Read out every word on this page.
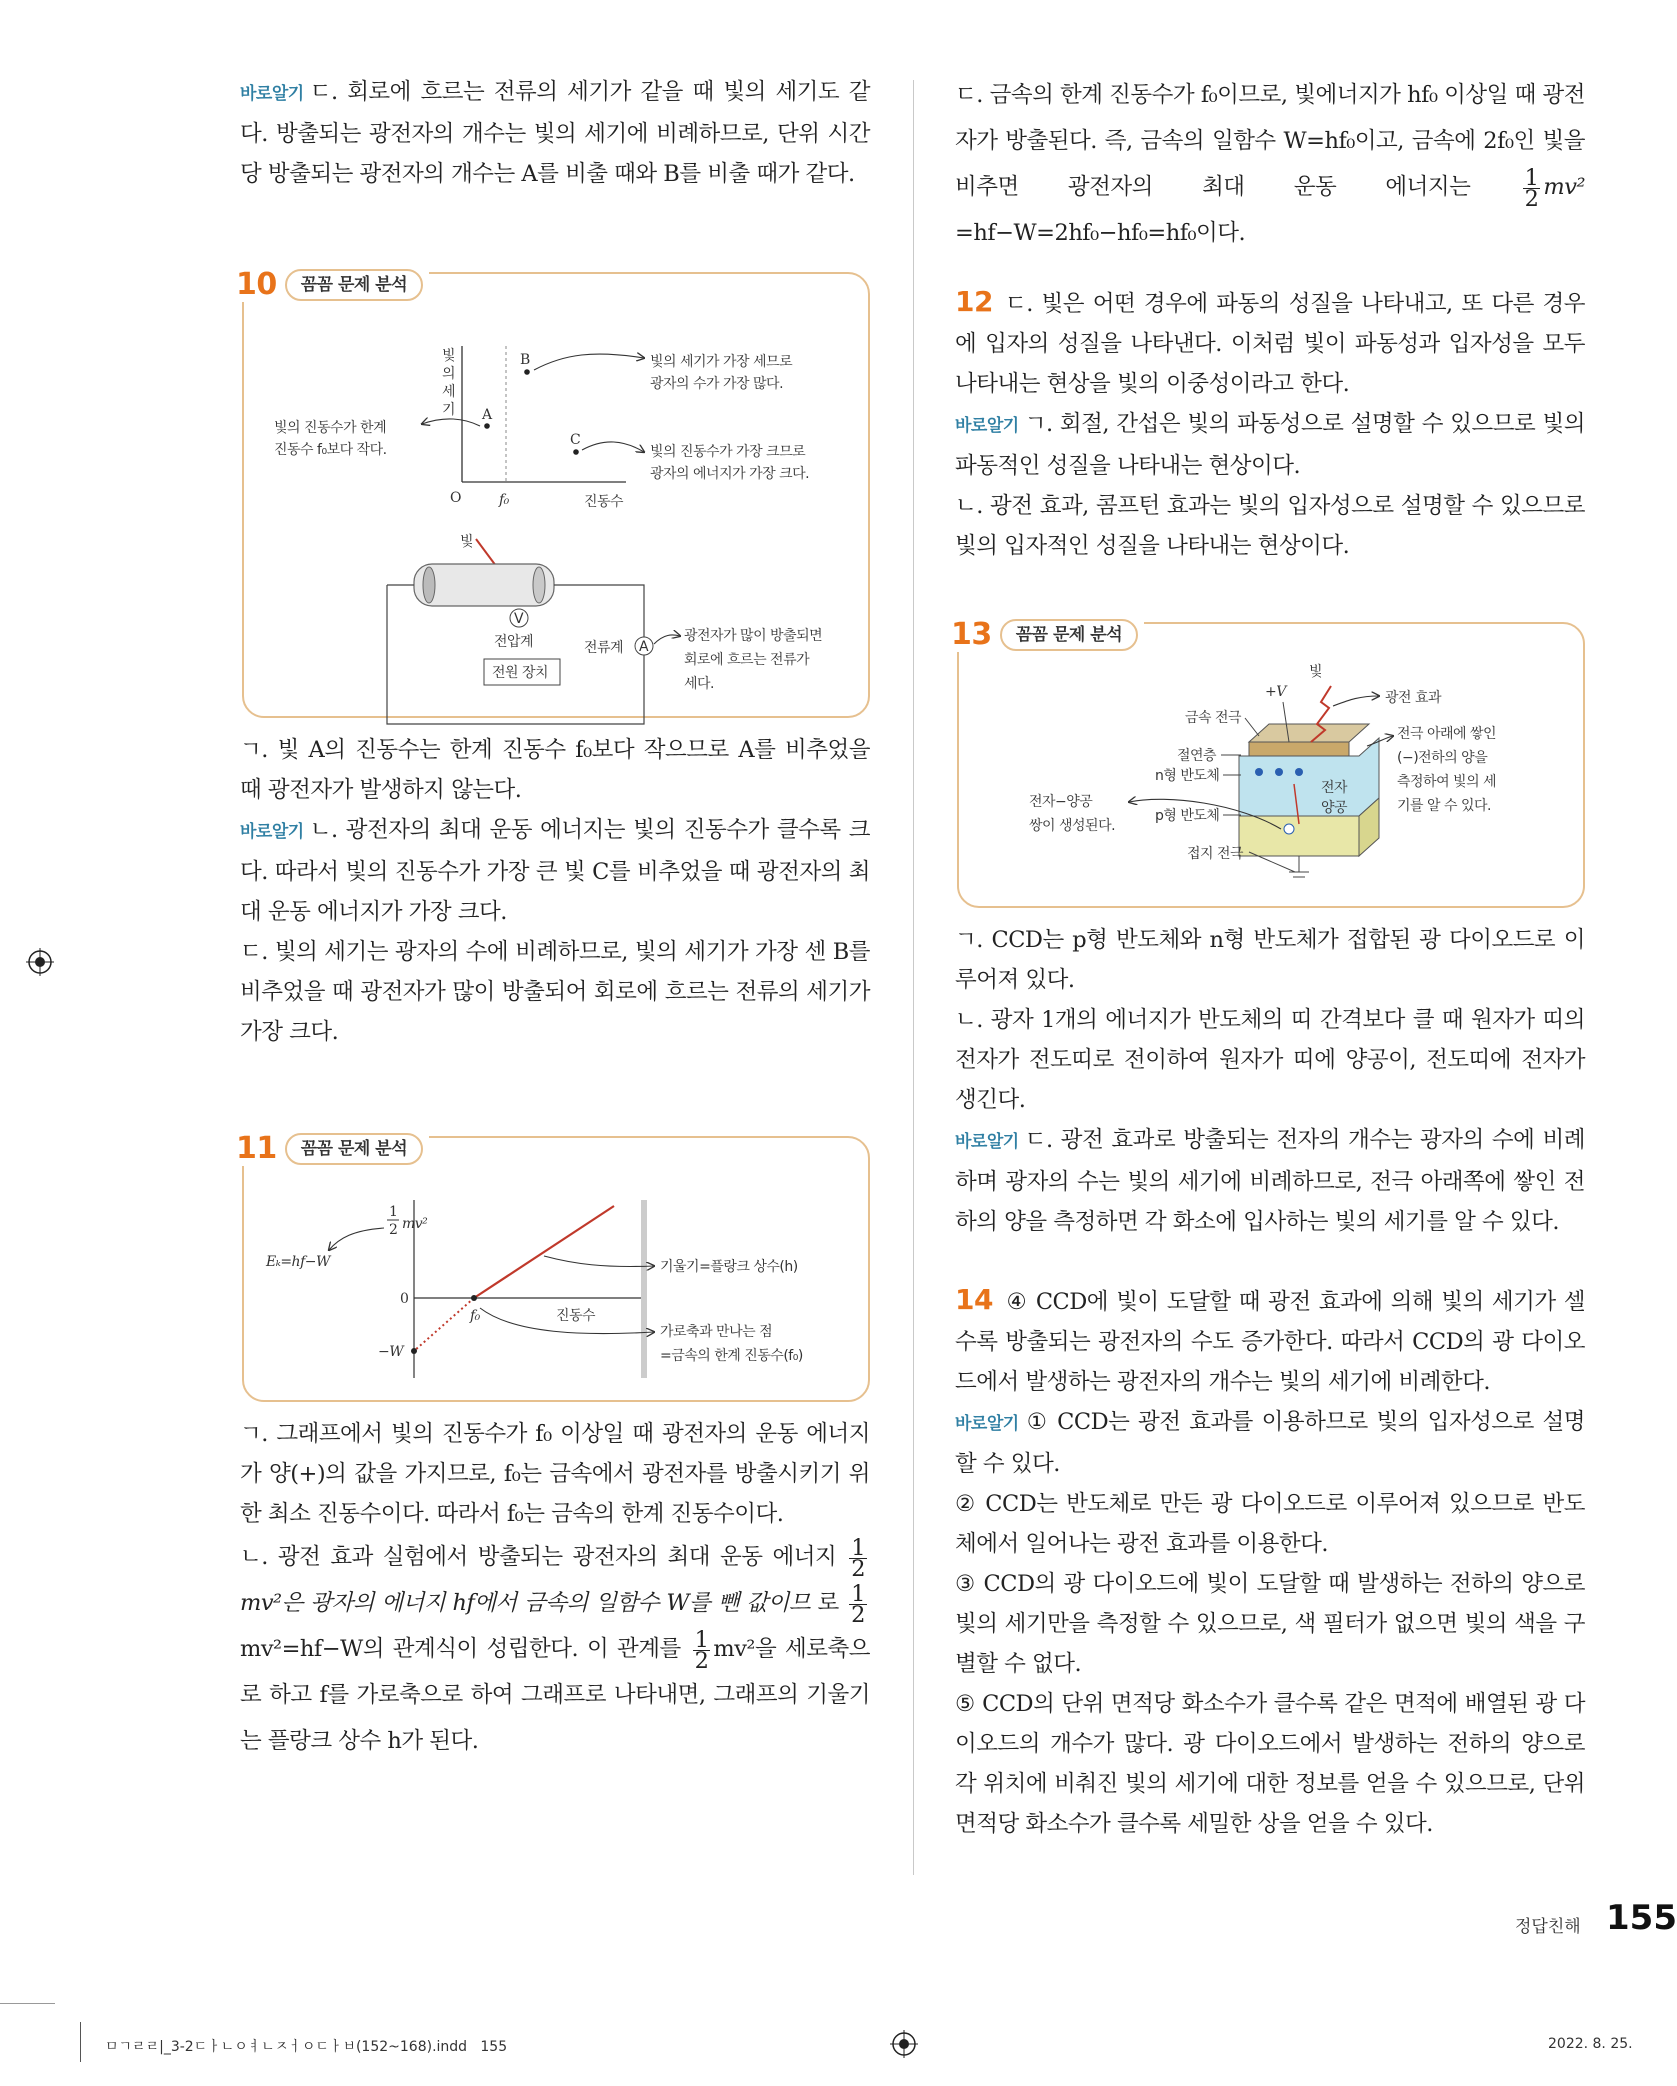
바로알기 ㄷ. 회로에 흐르는 전류의 세기가 같을 때 빛의 세기도 같다. 방출되는 광전자의 개수는 빛의 세기에 비례하므로, 단위 시간당 방출되는 광전자의 개수는 A를 비출 때와 B를 비출 때가 같다.

10	꼼꼼 문제 분석
빛
의
세
기
O	f₀	진동수
B
A
C
빛의 세기가 가장 세므로
광자의 수가 가장 많다.
빛의 진동수가 가장 크므로
광자의 에너지가 가장 크다.
빛의 진동수가 한계
진동수 f₀보다 작다.
빛
V
전압계	A
전류계
전원 장치
광전자가 많이 방출되면
회로에 흐르는 전류가
세다.

ㄱ. 빛 A의 진동수는 한계 진동수 f₀보다 작으므로 A를 비추었을 때 광전자가 발생하지 않는다.

바로알기 ㄴ. 광전자의 최대 운동 에너지는 빛의 진동수가 클수록 크다. 따라서 빛의 진동수가 가장 큰 빛 C를 비추었을 때 광전자의 최대 운동 에너지가 가장 크다.

ㄷ. 빛의 세기는 광자의 수에 비례하므로, 빛의 세기가 가장 센 B를 비추었을 때 광전자가 많이 방출되어 회로에 흐르는 전류의 세기가 가장 크다.

11	꼼꼼 문제 분석
1
2 mv²
Eₖ=hf−W
0
−W
f₀	진동수
기울기=플랑크 상수(h)
가로축과 만나는 점
=금속의 한계 진동수(f₀)

ㄱ. 그래프에서 빛의 진동수가 f₀ 이상일 때 광전자의 운동 에너지가 양(+)의 값을 가지므로, f₀는 금속에서 광전자를 방출시키기 위한 최소 진동수이다. 따라서 f₀는 금속의 한계 진동수이다.

ㄴ. 광전 효과 실험에서 방출되는 광전자의 최대 운동 에너지 $\frac{1}{2}$
mv²은 광자의 에너지 hf에서 금속의 일함수 W를 뺀 값이므 로 $\frac{1}{2}$
mv²=hf−W의 관계식이 성립한다. 이 관계를 $\frac{1}{2} mv^2$을 세로축으로 하고 f를 가로축으로 하여 그래프로 나타내면, 그래프의 기울기는 플랑크 상수 h가 된다.

ㄷ. 금속의 한계 진동수가 f₀이므로, 빛에너지가 hf₀ 이상일 때 광전자가 방출된다. 즉, 금속의 일함수 W=hf₀이고, 금속에 2f₀인 빛을 비추면 광전자의 최대 운동 에너지는 $\frac{1}{2} mv^2 =hf-W=2hf_0-hf_0=hf_0$이다.

12 ㄷ. 빛은 어떤 경우에 파동의 성질을 나타내고, 또 다른 경우에 입자의 성질을 나타낸다. 이처럼 빛이 파동성과 입자성을 모두 나타내는 현상을 빛의 이중성이라고 한다.

바로알기 ㄱ. 회절, 간섭은 빛의 파동성으로 설명할 수 있으므로 빛의 파동적인 성질을 나타내는 현상이다.

ㄴ. 광전 효과, 콤프턴 효과는 빛의 입자성으로 설명할 수 있으므로 빛의 입자적인 성질을 나타내는 현상이다.

13	꼼꼼 문제 분석
전자
양공
+V
빛
광전 효과
전극 아래에 쌓인
(−)전하의 양을
측정하여 빛의 세
기를 알 수 있다.
금속 전극
절연층
n형 반도체
p형 반도체
접지 전극
전자−양공
쌍이 생성된다.

ㄱ. CCD는 p형 반도체와 n형 반도체가 접합된 광 다이오드로 이루어져 있다.

ㄴ. 광자 1개의 에너지가 반도체의 띠 간격보다 클 때 원자가 띠의 전자가 전도띠로 전이하여 원자가 띠에 양공이, 전도띠에 전자가 생긴다.

바로알기 ㄷ. 광전 효과로 방출되는 전자의 개수는 광자의 수에 비례하며 광자의 수는 빛의 세기에 비례하므로, 전극 아래쪽에 쌓인 전하의 양을 측정하면 각 화소에 입사하는 빛의 세기를 알 수 있다.

14 ④ CCD에 빛이 도달할 때 광전 효과에 의해 빛의 세기가 셀수록 방출되는 광전자의 수도 증가한다. 따라서 CCD의 광 다이오드에서 발생하는 광전자의 개수는 빛의 세기에 비례한다.

바로알기 ① CCD는 광전 효과를 이용하므로 빛의 입자성으로 설명할 수 있다.

② CCD는 반도체로 만든 광 다이오드로 이루어져 있으므로 반도체에서 일어나는 광전 효과를 이용한다.

③ CCD의 광 다이오드에 빛이 도달할 때 발생하는 전하의 양으로 빛의 세기만을 측정할 수 있으므로, 색 필터가 없으면 빛의 색을 구별할 수 없다.

⑤ CCD의 단위 면적당 화소수가 클수록 같은 면적에 배열된 광 다이오드의 개수가 많다. 광 다이오드에서 발생하는 전하의 양으로 각 위치에 비춰진 빛의 세기에 대한 정보를 얻을 수 있으므로, 단위 면적당 화소수가 클수록 세밀한 상을 얻을 수 있다.

정답친해 155
ㅁㄱㄹㄹ|_3-2ㄷㅏㄴㅇㅕㄴㅈㅓㅇㄷㅏㅂ(152~168).indd   155	2022. 8. 25.
